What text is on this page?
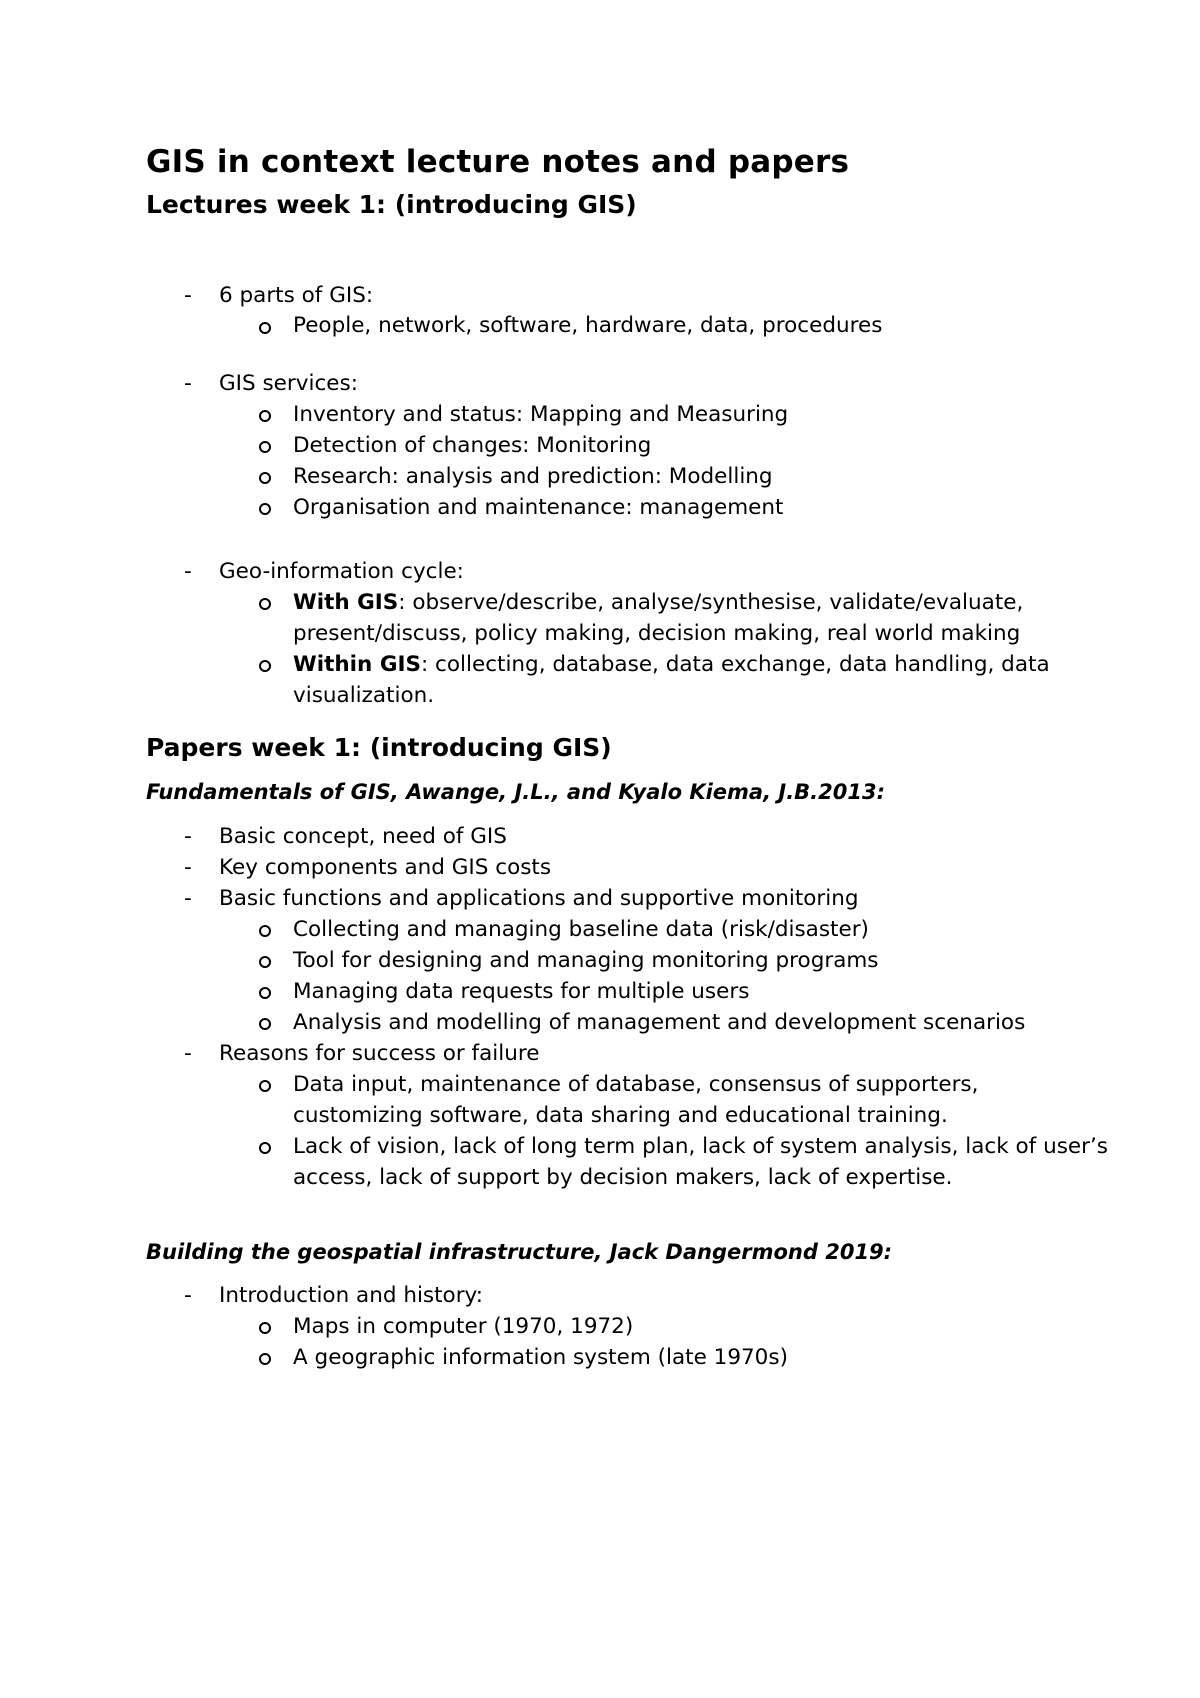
GIS in context lecture notes and papers
Lectures week 1: (introducing GIS)
- 6 parts of GIS:
People, network, software, hardware, data, procedures
- GIS services:
Inventory and status: Mapping and Measuring
Detection of changes: Monitoring
Research: analysis and prediction: Modelling
Organisation and maintenance: management
- Geo-information cycle:
With GIS: observe/describe, analyse/synthesise, validate/evaluate, present/discuss, policy making, decision making, real world making
Within GIS: collecting, database, data exchange, data handling, data visualization.
Papers week 1: (introducing GIS)
Fundamentals of GIS, Awange, J.L., and Kyalo Kiema, J.B.2013:
- Basic concept, need of GIS
- Key components and GIS costs
- Basic functions and applications and supportive monitoring
Collecting and managing baseline data (risk/disaster)
Tool for designing and managing monitoring programs
Managing data requests for multiple users
Analysis and modelling of management and development scenarios
- Reasons for success or failure
Data input, maintenance of database, consensus of supporters, customizing software, data sharing and educational training.
Lack of vision, lack of long term plan, lack of system analysis, lack of user’s access, lack of support by decision makers, lack of expertise.
Building the geospatial infrastructure, Jack Dangermond 2019:
- Introduction and history:
Maps in computer (1970, 1972)
A geographic information system (late 1970s)
